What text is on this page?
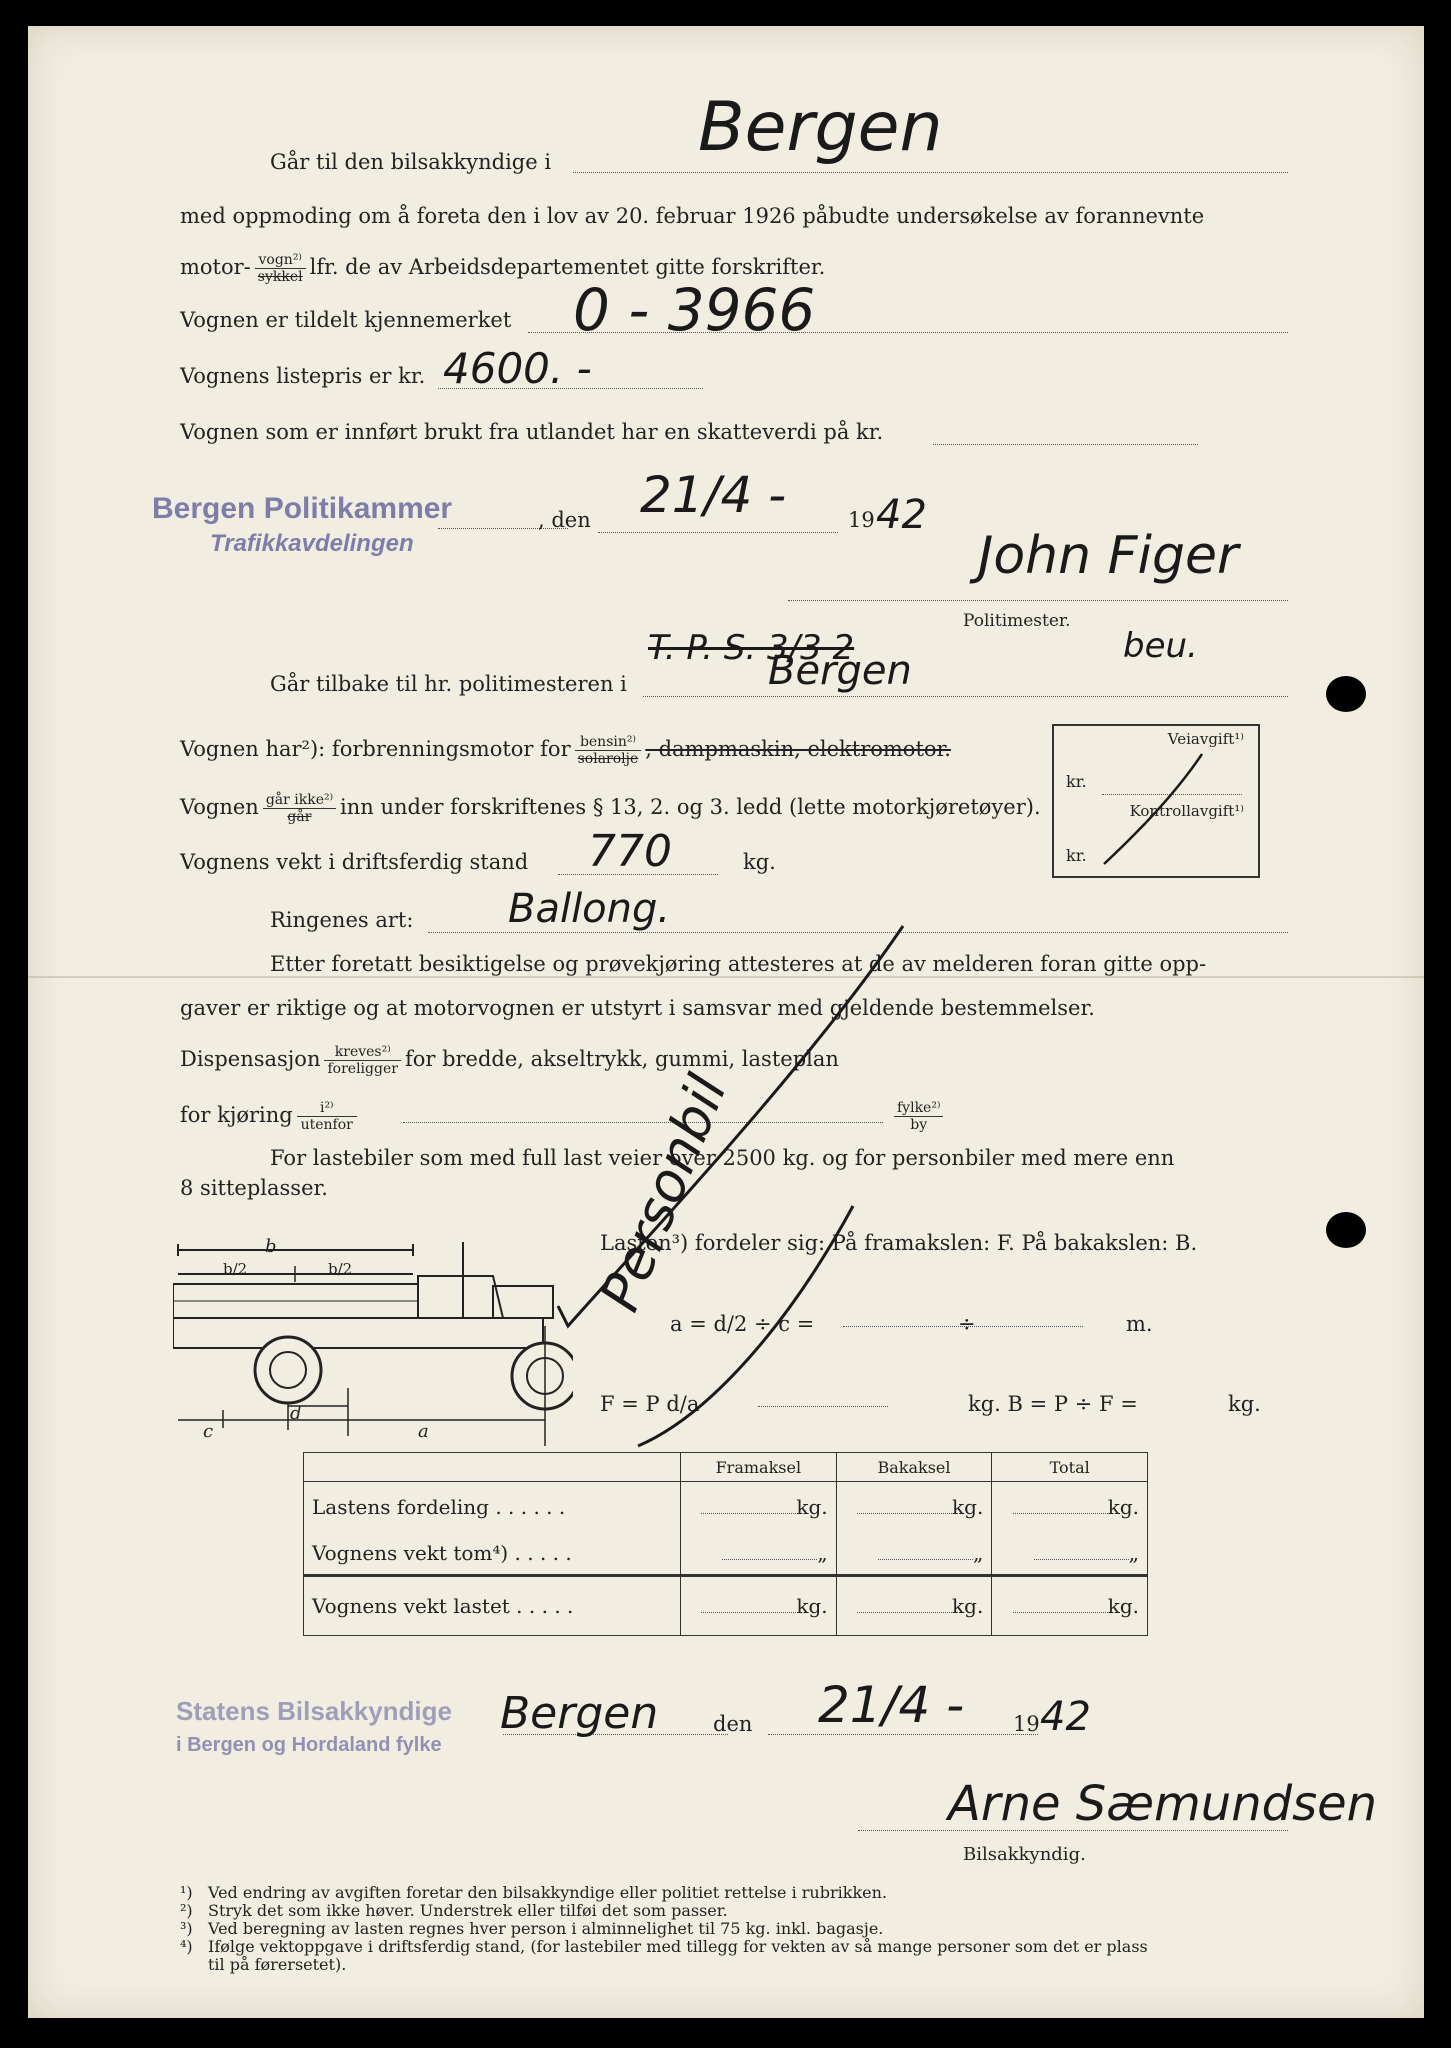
Går til den bilsakkyndige i Bergen
med oppmoding om å foreta den i lov av 20. februar 1926 påbudte undersøkelse av forannevnte
motor- $\frac{\text{vogn²⁾}}{\text{sykkel}}$ lfr. de av Arbeidsdepartementet gitte forskrifter.
Vognen er tildelt kjennemerket 0 - 3966
Vognens listepris er kr. 4600. -
Vognen som er innført brukt fra utlandet har en skatteverdi på kr.
Bergen Politikammer
Trafikkavdelingen
, den 21/4 -	19 42
John Figer
beu.
Politimester.
T. P. S. 3/3 2
Går tilbake til hr. politimesteren i	Bergen
Vognen har²): forbrenningsmotor for $\frac{\text{bensin²⁾}}{\text{solarolje}}$ , dampmaskin, elektromotor.
Vognen $\frac{\text{går ikke²⁾}}{\text{går}}$ inn under forskriftenes § 13, 2. og 3. ledd (lette motorkjøretøyer).
Vognens vekt i driftsferdig stand 770	kg.
Ringenes art: Ballong.
Etter foretatt besiktigelse og prøvekjøring attesteres at de av melderen foran gitte opp-
gaver er riktige og at motorvognen er utstyrt i samsvar med gjeldende bestemmelser.
Dispensasjon $\frac{\text{kreves²⁾}}{\text{foreligger}}$ for bredde, akseltrykk, gummi, lasteplan
for kjøring $\frac{\text{i²⁾}}{\text{utenfor}}$	$\frac{\text{fylke²⁾}}{by}$
For lastebiler som med full last veier over 2500 kg. og for personbiler med mere enn
8 sitteplasser.
Veiavgift¹⁾
kr.
Kontrollavgift¹⁾
kr.
b
b/2	b/2
c
d
a
Lasten³) fordeler sig: På framakslen: F. På bakakslen: B.
a = d/2 ÷ c =	÷	m.
F = P d/a	kg. B = P ÷ F =	kg.
Personbil
	Framaksel	Bakaksel	Total
Lastens fordeling . . . . . .	kg.	kg.	kg.
Vognens vekt tom⁴) . . . . .	„	„	„
Vognens vekt lastet . . . . .	kg.	kg.	kg.
Statens Bilsakkyndige
i Bergen og Hordaland fylke
Bergen	den 21/4 - 19 42
Arne Sæmundsen
Bilsakkyndig.
¹) Ved endring av avgiften foretar den bilsakkyndige eller politiet rettelse i rubrikken.
²) Stryk det som ikke høver. Understrek eller tilføi det som passer.
³) Ved beregning av lasten regnes hver person i alminnelighet til 75 kg. inkl. bagasje.
⁴) Ifølge vektoppgave i driftsferdig stand, (for lastebiler med tillegg for vekten av så mange personer som det er plass
til på førersetet).
